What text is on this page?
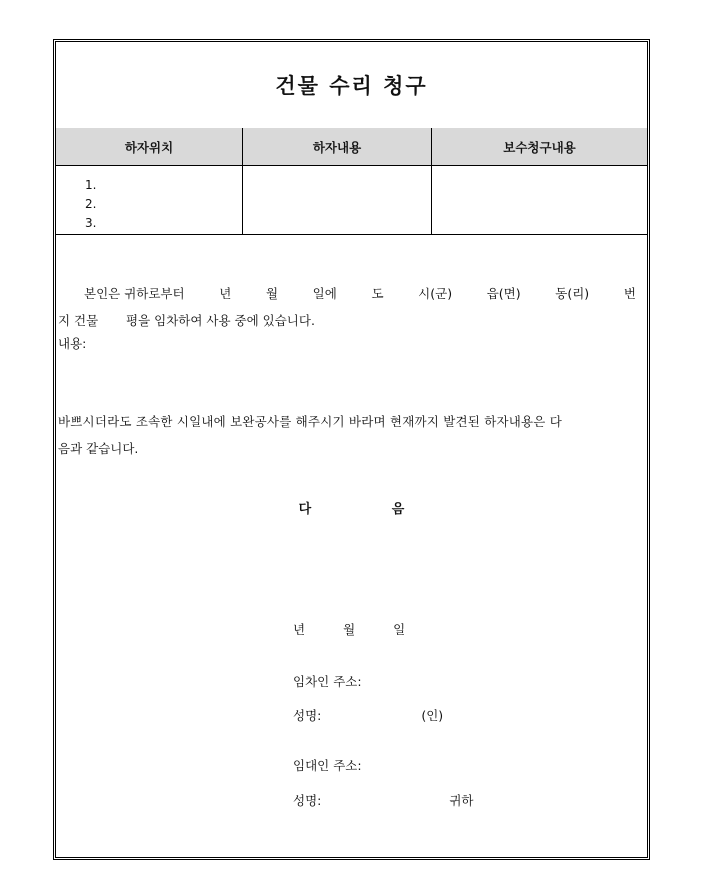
건물 수리 청구
하자위치	하자내용	보수청구내용
1.
2.
3.
본인은 귀하로부터	년	월	일에	도	시(군)	읍(면)	동(리)	번
지 건물       평을 임차하여 사용 중에 있습니다.
내용:
바쁘시더라도 조속한 시일내에 보완공사를 해주시기 바라며 현재까지 발견된 하자내용은 다
음과 같습니다.
다	음
년	월	일
임차인 주소:
성명:	(인)
임대인 주소:
성명:	귀하
